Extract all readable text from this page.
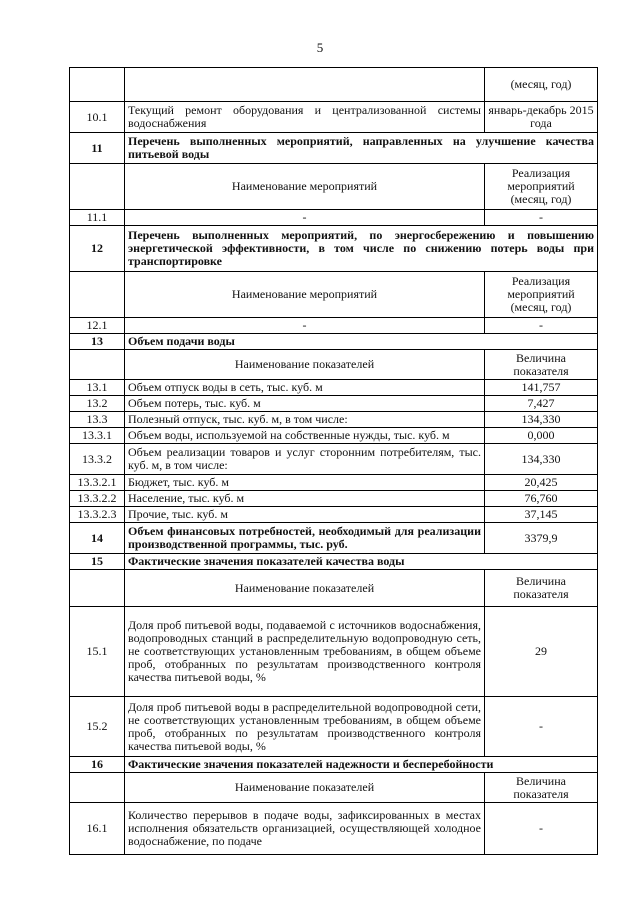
5
		(месяц, год)
10.1	Текущий ремонт оборудования и централизованной системы водоснабжения	январь-декабрь 2015 года
11	Перечень выполненных мероприятий, направленных на улучшение качества питьевой воды	
	Наименование мероприятий	Реализация мероприятий (месяц, год)
11.1	-	-
12	Перечень выполненных мероприятий, по энергосбережению и повышению энергетической эффективности, в том числе по снижению потерь воды при транспортировке	
	Наименование мероприятий	Реализация мероприятий (месяц, год)
12.1	-	-
13	Объем подачи воды	
	Наименование показателей	Величина показателя
13.1	Объем отпуск воды в сеть, тыс. куб. м	141,757
13.2	Объем потерь, тыс. куб. м	7,427
13.3	Полезный отпуск, тыс. куб. м, в том числе:	134,330
13.3.1	Объем воды, используемой на собственные нужды, тыс. куб. м	0,000
13.3.2	Объем реализации товаров и услуг сторонним потребителям, тыс. куб. м, в том числе:	134,330
13.3.2.1	Бюджет, тыс. куб. м	20,425
13.3.2.2	Население, тыс. куб. м	76,760
13.3.2.3	Прочие, тыс. куб. м	37,145
14	Объем финансовых потребностей, необходимый для реализации производственной программы, тыс. руб.	3379,9
15	Фактические значения показателей качества воды	
	Наименование показателей	Величина показателя
15.1	Доля проб питьевой воды, подаваемой с источников водоснабжения, водопроводных станций в распределительную водопроводную сеть, не соответствующих установленным требованиям, в общем объеме проб, отобранных по результатам производственного контроля качества питьевой воды, %	29
15.2	Доля проб питьевой воды в распределительной водопроводной сети, не соответствующих установленным требованиям, в общем объеме проб, отобранных по результатам производственного контроля качества питьевой воды, %	-
16	Фактические значения показателей надежности и бесперебойности	
	Наименование показателей	Величина показателя
16.1	Количество перерывов в подаче воды, зафиксированных в местах исполнения обязательств организацией, осуществляющей холодное водоснабжение, по подаче	-
